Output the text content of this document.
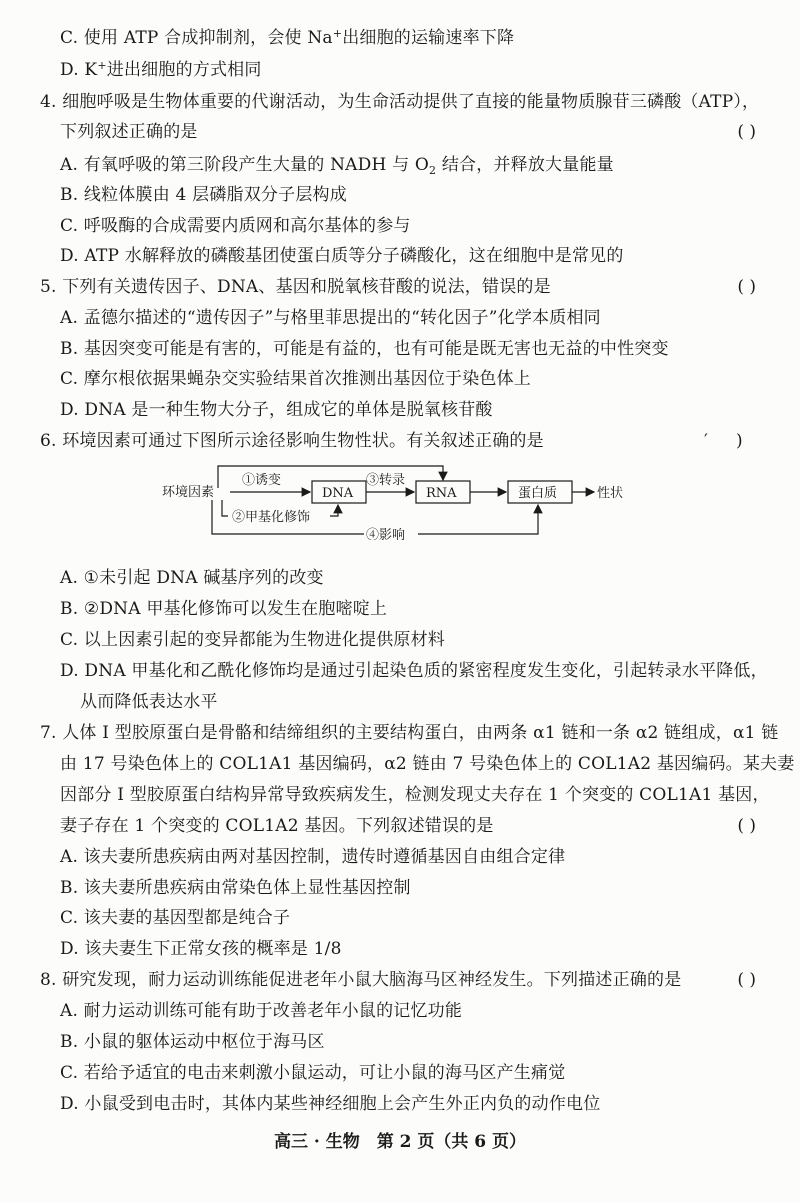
C. 使用 ATP 合成抑制剂，会使 Na+出细胞的运输速率下降
D. K+进出细胞的方式相同
4. 细胞呼吸是生物体重要的代谢活动，为生命活动提供了直接的能量物质腺苷三磷酸（ATP），
下列叙述正确的是	( )
A. 有氧呼吸的第三阶段产生大量的 NADH 与 $O_2$ 结合，并释放大量能量
B. 线粒体膜由 4 层磷脂双分子层构成
C. 呼吸酶的合成需要内质网和高尔基体的参与
D. ATP 水解释放的磷酸基团使蛋白质等分子磷酸化，这在细胞中是常见的
5. 下列有关遗传因子、DNA、基因和脱氧核苷酸的说法，错误的是	( )
A. 孟德尔描述的“遗传因子”与格里菲思提出的“转化因子”化学本质相同
B. 基因突变可能是有害的，可能是有益的，也有可能是既无害也无益的中性突变
C. 摩尔根依据果蝇杂交实验结果首次推测出基因位于染色体上
D. DNA 是一种生物大分子，组成它的单体是脱氧核苷酸
6. 环境因素可通过下图所示途径影响生物性状。有关叙述正确的是	′ )
环境因素
①诱变
DNA
③转录
RNA	蛋白质	性状
②甲基化修饰
④影响
A. ①未引起 DNA 碱基序列的改变
B. ②DNA 甲基化修饰可以发生在胞嘧啶上
C. 以上因素引起的变异都能为生物进化提供原材料
D. DNA 甲基化和乙酰化修饰均是通过引起染色质的紧密程度发生变化，引起转录水平降低，
从而降低表达水平
7. 人体 I 型胶原蛋白是骨骼和结缔组织的主要结构蛋白，由两条 α1 链和一条 α2 链组成，α1 链
由 17 号染色体上的 COL1A1 基因编码，α2 链由 7 号染色体上的 COL1A2 基因编码。某夫妻
因部分 I 型胶原蛋白结构异常导致疾病发生，检测发现丈夫存在 1 个突变的 COL1A1 基因，
妻子存在 1 个突变的 COL1A2 基因。下列叙述错误的是	( )
A. 该夫妻所患疾病由两对基因控制，遗传时遵循基因自由组合定律
B. 该夫妻所患疾病由常染色体上显性基因控制
C. 该夫妻的基因型都是纯合子
D. 该夫妻生下正常女孩的概率是 1/8
8. 研究发现，耐力运动训练能促进老年小鼠大脑海马区神经发生。下列描述正确的是	( )
A. 耐力运动训练可能有助于改善老年小鼠的记忆功能
B. 小鼠的躯体运动中枢位于海马区
C. 若给予适宜的电击来刺激小鼠运动，可让小鼠的海马区产生痛觉
D. 小鼠受到电击时，其体内某些神经细胞上会产生外正内负的动作电位
高三 · 生物　第 2 页（共 6 页）
